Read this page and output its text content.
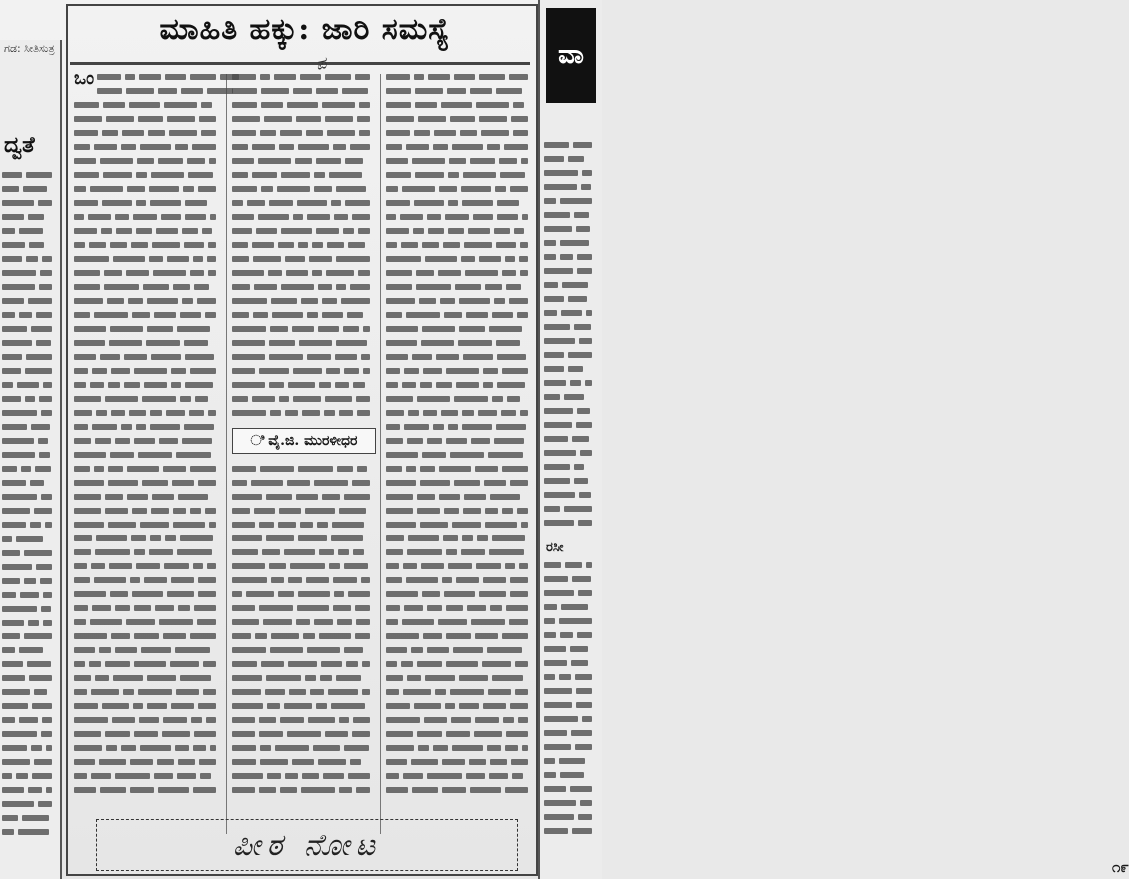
ಗಡ: ಸೀತಿಸುತ್ರ
ದ್ವತೆ
ಮಾಹಿತಿ ಹಕ್ಕು: ಜಾರಿ ಸಮಸ್ಯೆ
ಪ
ಒಂ
ಿ ವೈ.ಜಿ. ಮುರಳೀಧರ
ಪೀಠ ನೋಟ
ವಾ
ರಸೀ
೧೯
